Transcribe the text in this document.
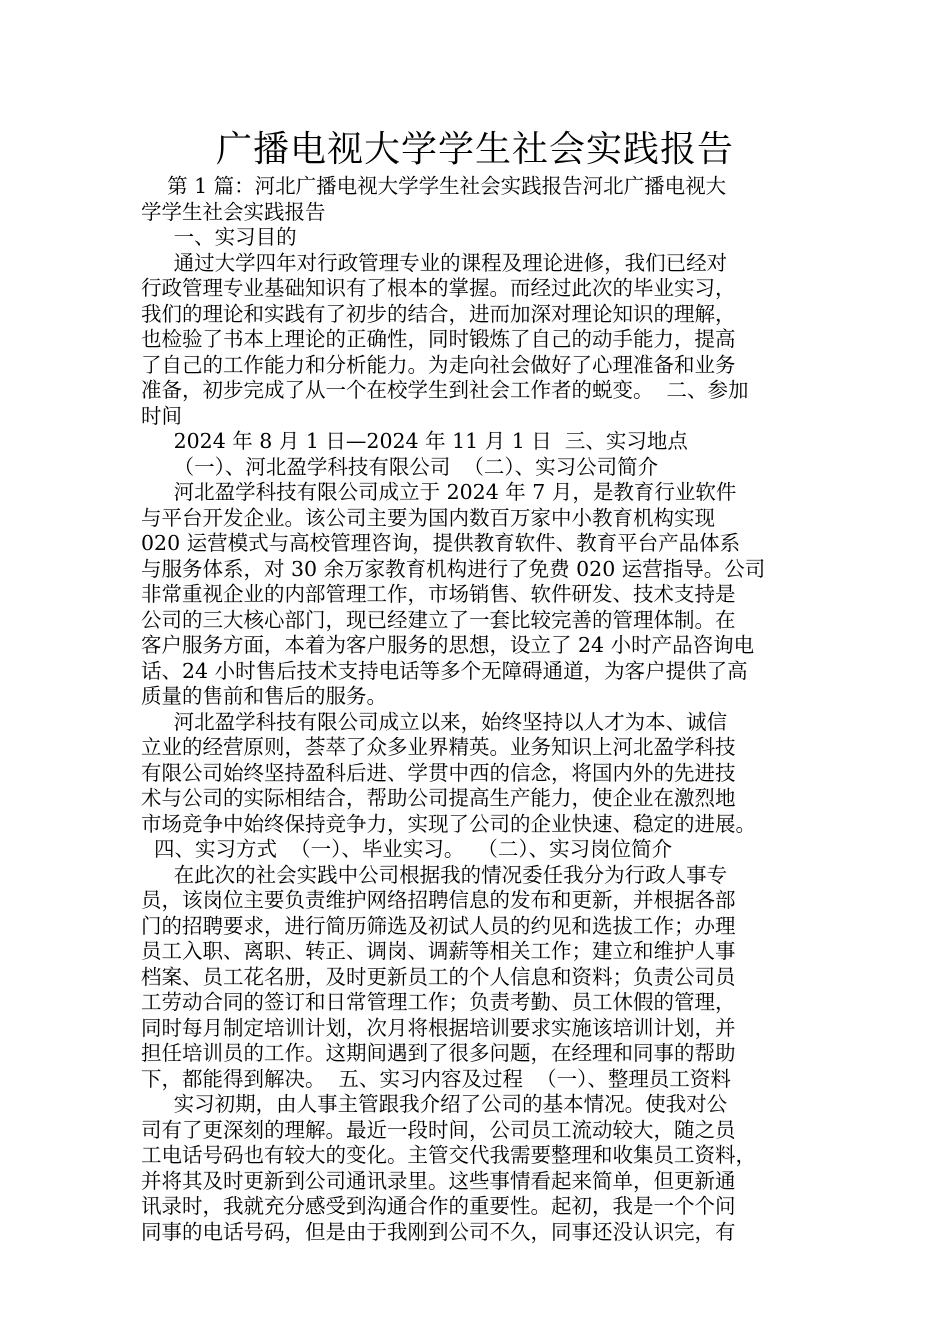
广播电视大学学生社会实践报告
第 1 篇：河北广播电视大学学生社会实践报告河北广播电视大
学学生社会实践报告
一、实习目的
通过大学四年对行政管理专业的课程及理论进修，我们已经对
行政管理专业基础知识有了根本的掌握。而经过此次的毕业实习，
我们的理论和实践有了初步的结合，进而加深对理论知识的理解，
也检验了书本上理论的正确性，同时锻炼了自己的动手能力，提高
了自己的工作能力和分析能力。为走向社会做好了心理准备和业务
准备，初步完成了从一个在校学生到社会工作者的蜕变。  二、参加
时间
2024 年 8 月 1 日—2024 年 11 月 1 日  三、实习地点
（一）、河北盈学科技有限公司  （二）、实习公司简介
河北盈学科技有限公司成立于 2024 年 7 月，是教育行业软件
与平台开发企业。该公司主要为国内数百万家中小教育机构实现
020 运营模式与高校管理咨询，提供教育软件、教育平台产品体系
与服务体系，对 30 余万家教育机构进行了免费 020 运营指导。公司
非常重视企业的内部管理工作，市场销售、软件研发、技术支持是
公司的三大核心部门，现已经建立了一套比较完善的管理体制。在
客户服务方面，本着为客户服务的思想，设立了 24 小时产品咨询电
话、24 小时售后技术支持电话等多个无障碍通道，为客户提供了高
质量的售前和售后的服务。
河北盈学科技有限公司成立以来，始终坚持以人才为本、诚信
立业的经营原则，荟萃了众多业界精英。业务知识上河北盈学科技
有限公司始终坚持盈科后进、学贯中西的信念，将国内外的先进技
术与公司的实际相结合，帮助公司提高生产能力，使企业在激烈地
市场竞争中始终保持竞争力，实现了公司的企业快速、稳定的进展。
四、实习方式  （一）、毕业实习。  （二）、实习岗位简介
在此次的社会实践中公司根据我的情况委任我分为行政人事专
员，该岗位主要负责维护网络招聘信息的发布和更新，并根据各部
门的招聘要求，进行简历筛选及初试人员的约见和选拔工作；办理
员工入职、离职、转正、调岗、调薪等相关工作；建立和维护人事
档案、员工花名册，及时更新员工的个人信息和资料；负责公司员
工劳动合同的签订和日常管理工作；负责考勤、员工休假的管理，
同时每月制定培训计划，次月将根据培训要求实施该培训计划，并
担任培训员的工作。这期间遇到了很多问题，在经理和同事的帮助
下，都能得到解决。  五、实习内容及过程  （一）、整理员工资料
实习初期，由人事主管跟我介绍了公司的基本情况。使我对公
司有了更深刻的理解。最近一段时间，公司员工流动较大，随之员
工电话号码也有较大的变化。主管交代我需要整理和收集员工资料，
并将其及时更新到公司通讯录里。这些事情看起来简单，但更新通
讯录时，我就充分感受到沟通合作的重要性。起初，我是一个个问
同事的电话号码，但是由于我刚到公司不久，同事还没认识完，有
